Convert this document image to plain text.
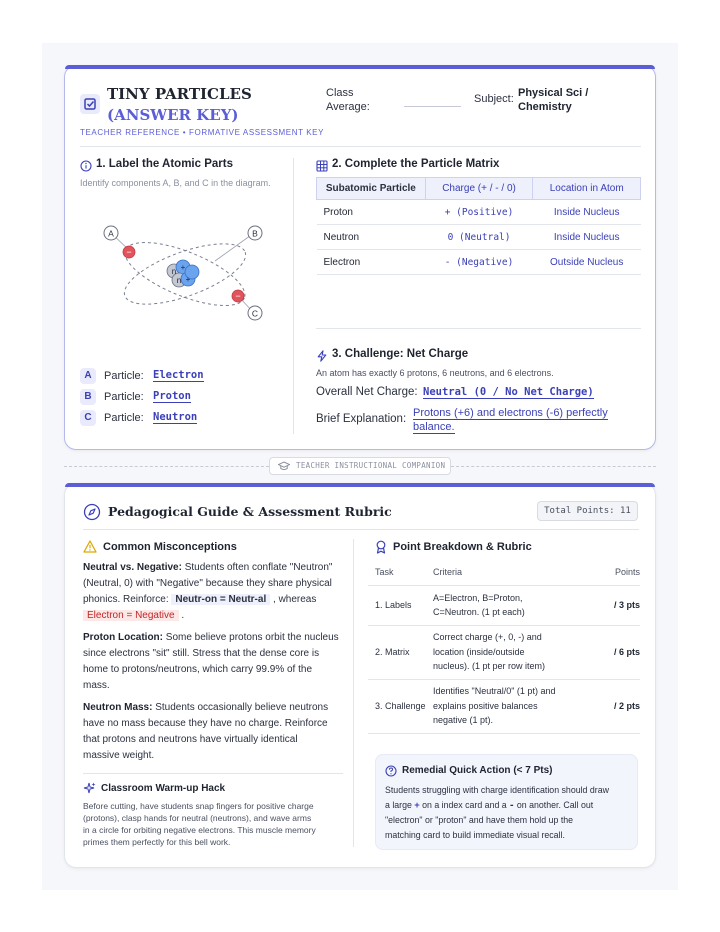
TINY PARTICLES (ANSWER KEY)
TEACHER REFERENCE • FORMATIVE ASSESSMENT KEY
Class Average:
Subject: Physical Sci / Chemistry
1. Label the Atomic Parts
Identify components A, B, and C in the diagram.
−
−
n +
n +
A	B
C
A	Particle: Electron
B	Particle: Proton
C	Particle: Neutron
2. Complete the Particle Matrix
Subatomic Particle	Charge (+ / - / 0)	Location in Atom
Proton	+ (Positive)	Inside Nucleus
Neutron	0 (Neutral)	Inside Nucleus
Electron	- (Negative)	Outside Nucleus
3. Challenge: Net Charge
An atom has exactly 6 protons, 6 neutrons, and 6 electrons.
Overall Net Charge: Neutral (0 / No Net Charge)
Brief Explanation: Protons (+6) and electrons (-6) perfectly
balance.
TEACHER INSTRUCTIONAL COMPANION
Pedagogical Guide & Assessment Rubric	Total Points: 11
Common Misconceptions
Neutral vs. Negative: Students often conflate "Neutron"
(Neutral, 0) with "Negative" because they share physical
phonics. Reinforce: Neutr-on = Neutr-al , whereas
Electron = Negative .
Proton Location: Some believe protons orbit the nucleus
since electrons "sit" still. Stress that the dense core is
home to protons/neutrons, which carry 99.9% of the
mass.
Neutron Mass: Students occasionally believe neutrons
have no mass because they have no charge. Reinforce
that protons and neutrons have virtually identical
massive weight.
Classroom Warm-up Hack
Before cutting, have students snap fingers for positive charge
(protons), clasp hands for neutral (neutrons), and wave arms
in a circle for orbiting negative electrons. This muscle memory
primes them perfectly for this bell work.
Point Breakdown & Rubric
Task	Criteria	Points
1. Labels	A=Electron, B=Proton,
C=Neutron. (1 pt each)	/ 3 pts
2. Matrix	Correct charge (+, 0, -) and
location (inside/outside
nucleus). (1 pt per row item)	/ 6 pts
3. Challenge	Identifies "Neutral/0" (1 pt) and
explains positive balances
negative (1 pt).	/ 2 pts
Remedial Quick Action (< 7 Pts)
Students struggling with charge identification should draw
a large + on a index card and a - on another. Call out
"electron" or "proton" and have them hold up the
matching card to build immediate visual recall.
